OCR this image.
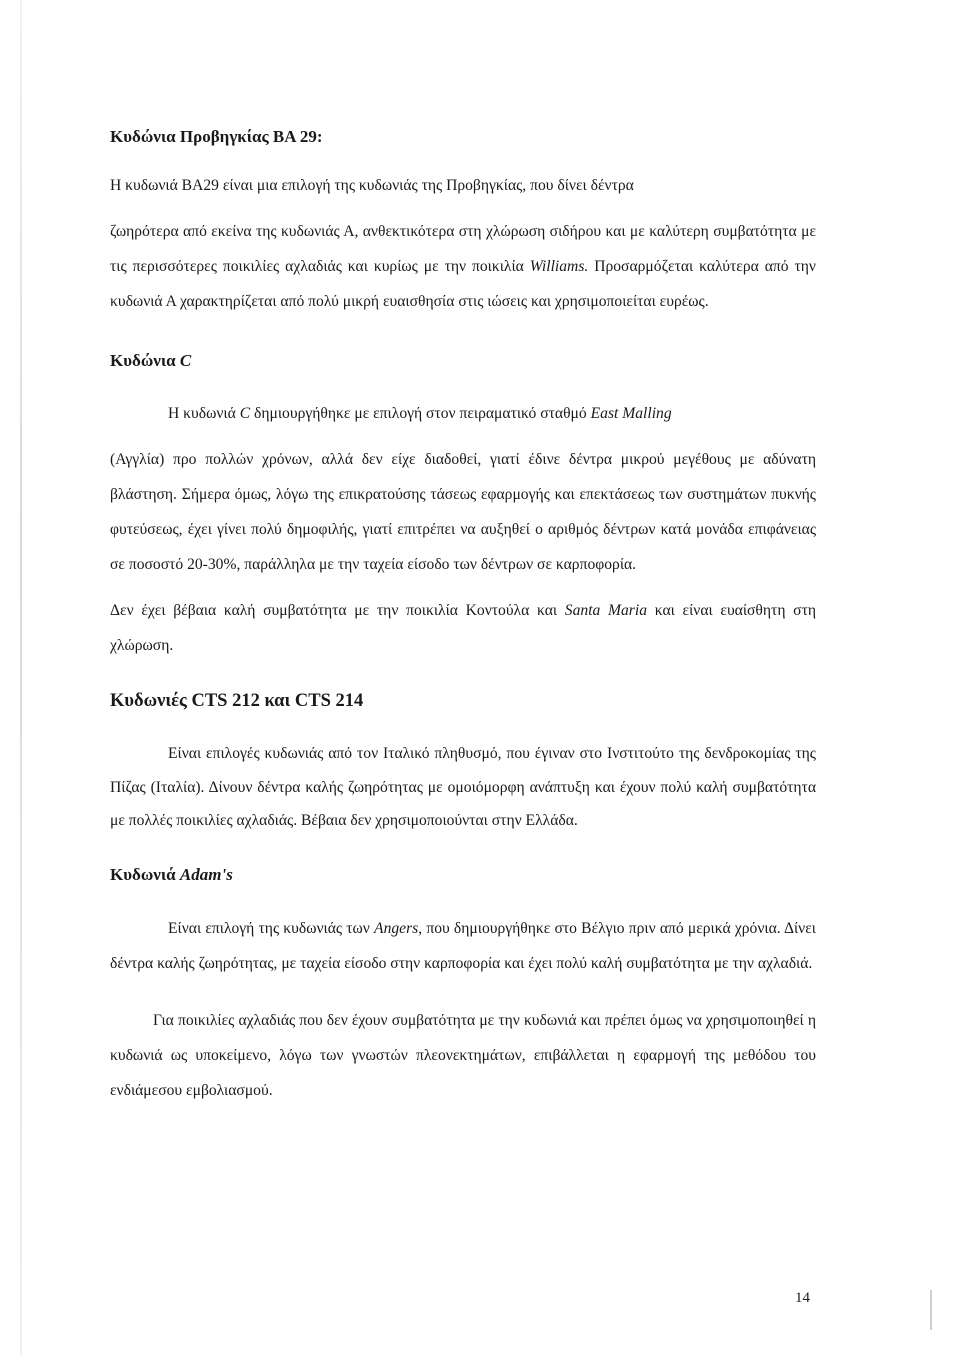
Κυδώνια Προβηγκίας ΒΑ 29:

Η κυδωνιά ΒΑ29 είναι μια επιλογή της κυδωνιάς της Προβηγκίας, που δίνει δέντρα

ζωηρότερα από εκείνα της κυδωνιάς Α, ανθεκτικότερα στη χλώρωση σιδήρου και με καλύτερη συμβατότητα με τις περισσότερες ποικιλίες αχλαδιάς και κυρίως με την ποικιλία Williams. Προσαρμόζεται καλύτερα από την κυδωνιά Α χαρακτηρίζεται από πολύ μικρή ευαισθησία στις ιώσεις και χρησιμοποιείται ευρέως.

Κυδώνια C

Η κυδωνιά C δημιουργήθηκε με επιλογή στον πειραματικό σταθμό East Malling

(Αγγλία) προ πολλών χρόνων, αλλά δεν είχε διαδοθεί, γιατί έδινε δέντρα μικρού μεγέθους με αδύνατη βλάστηση. Σήμερα όμως, λόγω της επικρατούσης τάσεως εφαρμογής και επεκτάσεως των συστημάτων πυκνής φυτεύσεως, έχει γίνει πολύ δημοφιλής, γιατί επιτρέπει να αυξηθεί ο αριθμός δέντρων κατά μονάδα επιφάνειας σε ποσοστό 20-30%, παράλληλα με την ταχεία είσοδο των δέντρων σε καρποφορία.

Δεν έχει βέβαια καλή συμβατότητα με την ποικιλία Κοντούλα και Santa Maria και είναι ευαίσθητη στη χλώρωση.

Κυδωνιές CTS 212 και CTS 214

Είναι επιλογές κυδωνιάς από τον Ιταλικό πληθυσμό, που έγιναν στο Ινστιτούτο της δενδροκομίας της Πίζας (Ιταλία). Δίνουν δέντρα καλής ζωηρότητας με ομοιόμορφη ανάπτυξη και έχουν πολύ καλή συμβατότητα με πολλές ποικιλίες αχλαδιάς. Βέβαια δεν χρησιμοποιούνται στην Ελλάδα.

Κυδωνιά Adam's

Είναι επιλογή της κυδωνιάς των Angers, που δημιουργήθηκε στο Βέλγιο πριν από μερικά χρόνια. Δίνει δέντρα καλής ζωηρότητας, με ταχεία είσοδο στην καρποφορία και έχει πολύ καλή συμβατότητα με την αχλαδιά.

Για ποικιλίες αχλαδιάς που δεν έχουν συμβατότητα με την κυδωνιά και πρέπει όμως να χρησιμοποιηθεί η κυδωνιά ως υποκείμενο, λόγω των γνωστών πλεονεκτημάτων, επιβάλλεται η εφαρμογή της μεθόδου του ενδιάμεσου εμβολιασμού.

14
